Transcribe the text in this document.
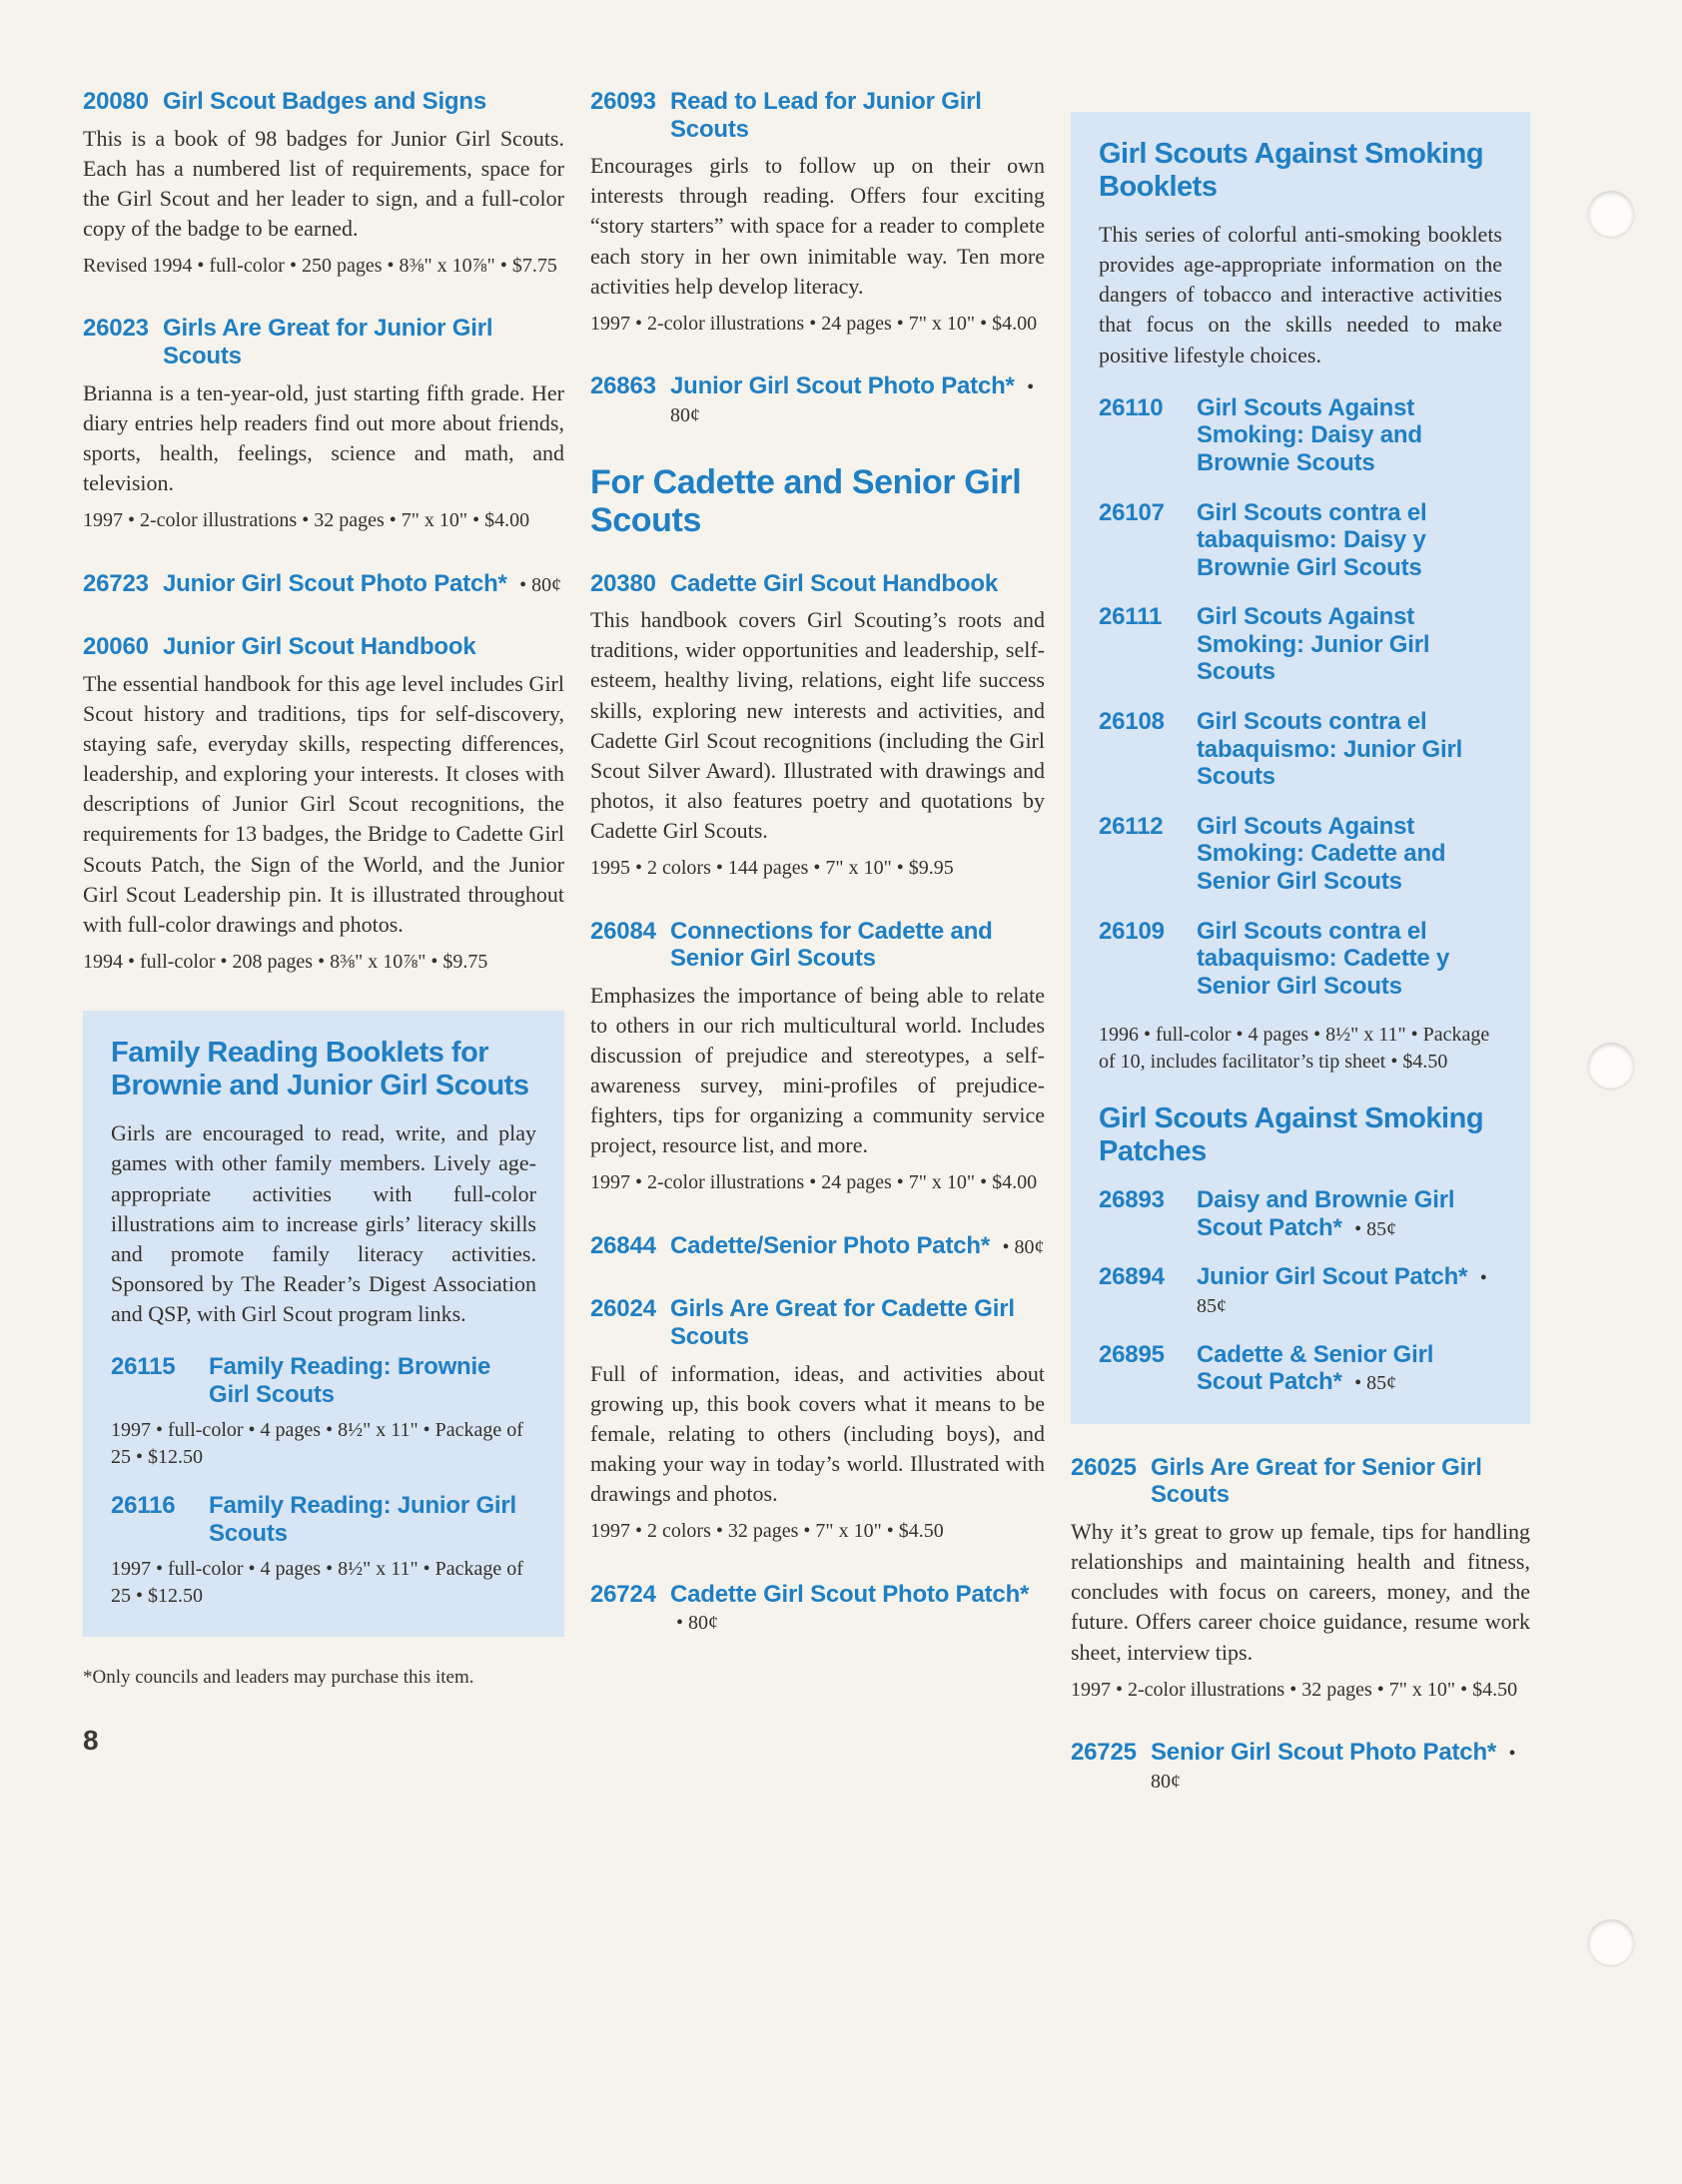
20080 Girl Scout Badges and Signs

This is a book of 98 badges for Junior Girl Scouts. Each has a numbered list of requirements, space for the Girl Scout and her leader to sign, and a full-color copy of the badge to be earned.

Revised 1994 • full-color • 250 pages • 8⅜" x 10⅞" • $7.75

26023 Girls Are Great for Junior Girl Scouts

Brianna is a ten-year-old, just starting fifth grade. Her diary entries help readers find out more about friends, sports, health, feelings, science and math, and television.

1997 • 2-color illustrations • 32 pages • 7" x 10" • $4.00

26723 Junior Girl Scout Photo Patch* • 80¢
20060 Junior Girl Scout Handbook

The essential handbook for this age level includes Girl Scout history and traditions, tips for self-discovery, staying safe, everyday skills, respecting differences, leadership, and exploring your interests. It closes with descriptions of Junior Girl Scout recognitions, the requirements for 13 badges, the Bridge to Cadette Girl Scouts Patch, the Sign of the World, and the Junior Girl Scout Leadership pin. It is illustrated throughout with full-color drawings and photos.

1994 • full-color • 208 pages • 8⅜" x 10⅞" • $9.75

Family Reading Booklets for Brownie and Junior Girl Scouts

Girls are encouraged to read, write, and play games with other family members. Lively age-appropriate activities with full-color illustrations aim to increase girls’ literacy skills and promote family literacy activities. Sponsored by The Reader’s Digest Association and QSP, with Girl Scout program links.

26115	Family Reading: Brownie Girl Scouts

1997 • full-color • 4 pages • 8½" x 11" • Package of 25 • $12.50

26116	Family Reading: Junior Girl Scouts

1997 • full-color • 4 pages • 8½" x 11" • Package of 25 • $12.50

*Only councils and leaders may purchase this item.

8

26093 Read to Lead for Junior Girl Scouts

Encourages girls to follow up on their own interests through reading. Offers four exciting “story starters” with space for a reader to complete each story in her own inimitable way. Ten more activities help develop literacy.

1997 • 2-color illustrations • 24 pages • 7" x 10" • $4.00

26863 Junior Girl Scout Photo Patch* • 80¢
For Cadette and Senior Girl Scouts
20380 Cadette Girl Scout Handbook

This handbook covers Girl Scouting’s roots and traditions, wider opportunities and leadership, self-esteem, healthy living, relations, eight life success skills, exploring new interests and activities, and Cadette Girl Scout recognitions (including the Girl Scout Silver Award). Illustrated with drawings and photos, it also features poetry and quotations by Cadette Girl Scouts.

1995 • 2 colors • 144 pages • 7" x 10" • $9.95

26084 Connections for Cadette and Senior Girl Scouts

Emphasizes the importance of being able to relate to others in our rich multicultural world. Includes discussion of prejudice and stereotypes, a self-awareness survey, mini-profiles of prejudice-fighters, tips for organizing a community service project, resource list, and more.

1997 • 2-color illustrations • 24 pages • 7" x 10" • $4.00

26844 Cadette/Senior Photo Patch* • 80¢
26024 Girls Are Great for Cadette Girl Scouts

Full of information, ideas, and activities about growing up, this book covers what it means to be female, relating to others (including boys), and making your way in today’s world. Illustrated with drawings and photos.

1997 • 2 colors • 32 pages • 7" x 10" • $4.50

26724 Cadette Girl Scout Photo Patch* • 80¢
Girl Scouts Against Smoking Booklets

This series of colorful anti-smoking booklets provides age-appropriate information on the dangers of tobacco and interactive activities that focus on the skills needed to make positive lifestyle choices.

26110	Girl Scouts Against Smoking: Daisy and Brownie Scouts
26107	Girl Scouts contra el tabaquismo: Daisy y Brownie Girl Scouts
26111	Girl Scouts Against Smoking: Junior Girl Scouts
26108	Girl Scouts contra el tabaquismo: Junior Girl Scouts
26112	Girl Scouts Against Smoking: Cadette and Senior Girl Scouts
26109	Girl Scouts contra el tabaquismo: Cadette y Senior Girl Scouts

1996 • full-color • 4 pages • 8½" x 11" • Package of 10, includes facilitator’s tip sheet • $4.50

Girl Scouts Against Smoking Patches
26893	Daisy and Brownie Girl Scout Patch* • 85¢
26894	Junior Girl Scout Patch* • 85¢
26895	Cadette & Senior Girl Scout Patch* • 85¢
26025 Girls Are Great for Senior Girl Scouts

Why it’s great to grow up female, tips for handling relationships and maintaining health and fitness, concludes with focus on careers, money, and the future. Offers career choice guidance, resume work sheet, interview tips.

1997 • 2-color illustrations • 32 pages • 7" x 10" • $4.50

26725 Senior Girl Scout Photo Patch* • 80¢
